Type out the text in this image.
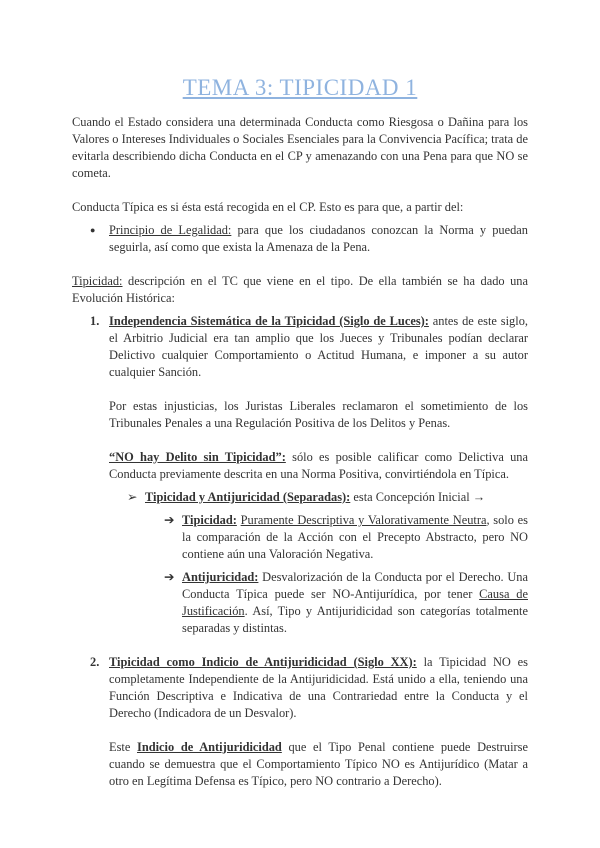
TEMA 3: TIPICIDAD 1

Cuando el Estado considera una determinada Conducta como Riesgosa o Dañina para los Valores o Intereses Individuales o Sociales Esenciales para la Convivencia Pacífica; trata de evitarla describiendo dicha Conducta en el CP y amenazando con una Pena para que NO se cometa.

Conducta Típica es si ésta está recogida en el CP. Esto es para que, a partir del:

●	Principio de Legalidad: para que los ciudadanos conozcan la Norma y puedan seguirla, así como que exista la Amenaza de la Pena.

Tipicidad: descripción en el TC que viene en el tipo. De ella también se ha dado una Evolución Histórica:

1. Independencia Sistemática de la Tipicidad (Siglo de Luces): antes de este siglo, el Arbitrio Judicial era tan amplio que los Jueces y Tribunales podían declarar Delictivo cualquier Comportamiento o Actitud Humana, e imponer a su autor cualquier Sanción.

Por estas injusticias, los Juristas Liberales reclamaron el sometimiento de los Tribunales Penales a una Regulación Positiva de los Delitos y Penas.

“NO hay Delito sin Tipicidad”: sólo es posible calificar como Delictiva una Conducta previamente descrita en una Norma Positiva, convirtiéndola en Típica.

➢ Tipicidad y Antijuricidad (Separadas): esta Concepción Inicial →
➔ Tipicidad: Puramente Descriptiva y Valorativamente Neutra, solo es la comparación de la Acción con el Precepto Abstracto, pero NO contiene aún una Valoración Negativa.

➔ Antijuricidad: Desvalorización de la Conducta por el Derecho. Una Conducta Típica puede ser NO-Antijurídica, por tener Causa de Justificación. Así, Tipo y Antijuridicidad son categorías totalmente separadas y distintas.

2. Tipicidad como Indicio de Antijuridicidad (Siglo XX): la Tipicidad NO es completamente Independiente de la Antijuridicidad. Está unido a ella, teniendo una Función Descriptiva e Indicativa de una Contrariedad entre la Conducta y el Derecho (Indicadora de un Desvalor).

Este Indicio de Antijuridicidad que el Tipo Penal contiene puede Destruirse cuando se demuestra que el Comportamiento Típico NO es Antijurídico (Matar a otro en Legítima Defensa es Típico, pero NO contrario a Derecho).
